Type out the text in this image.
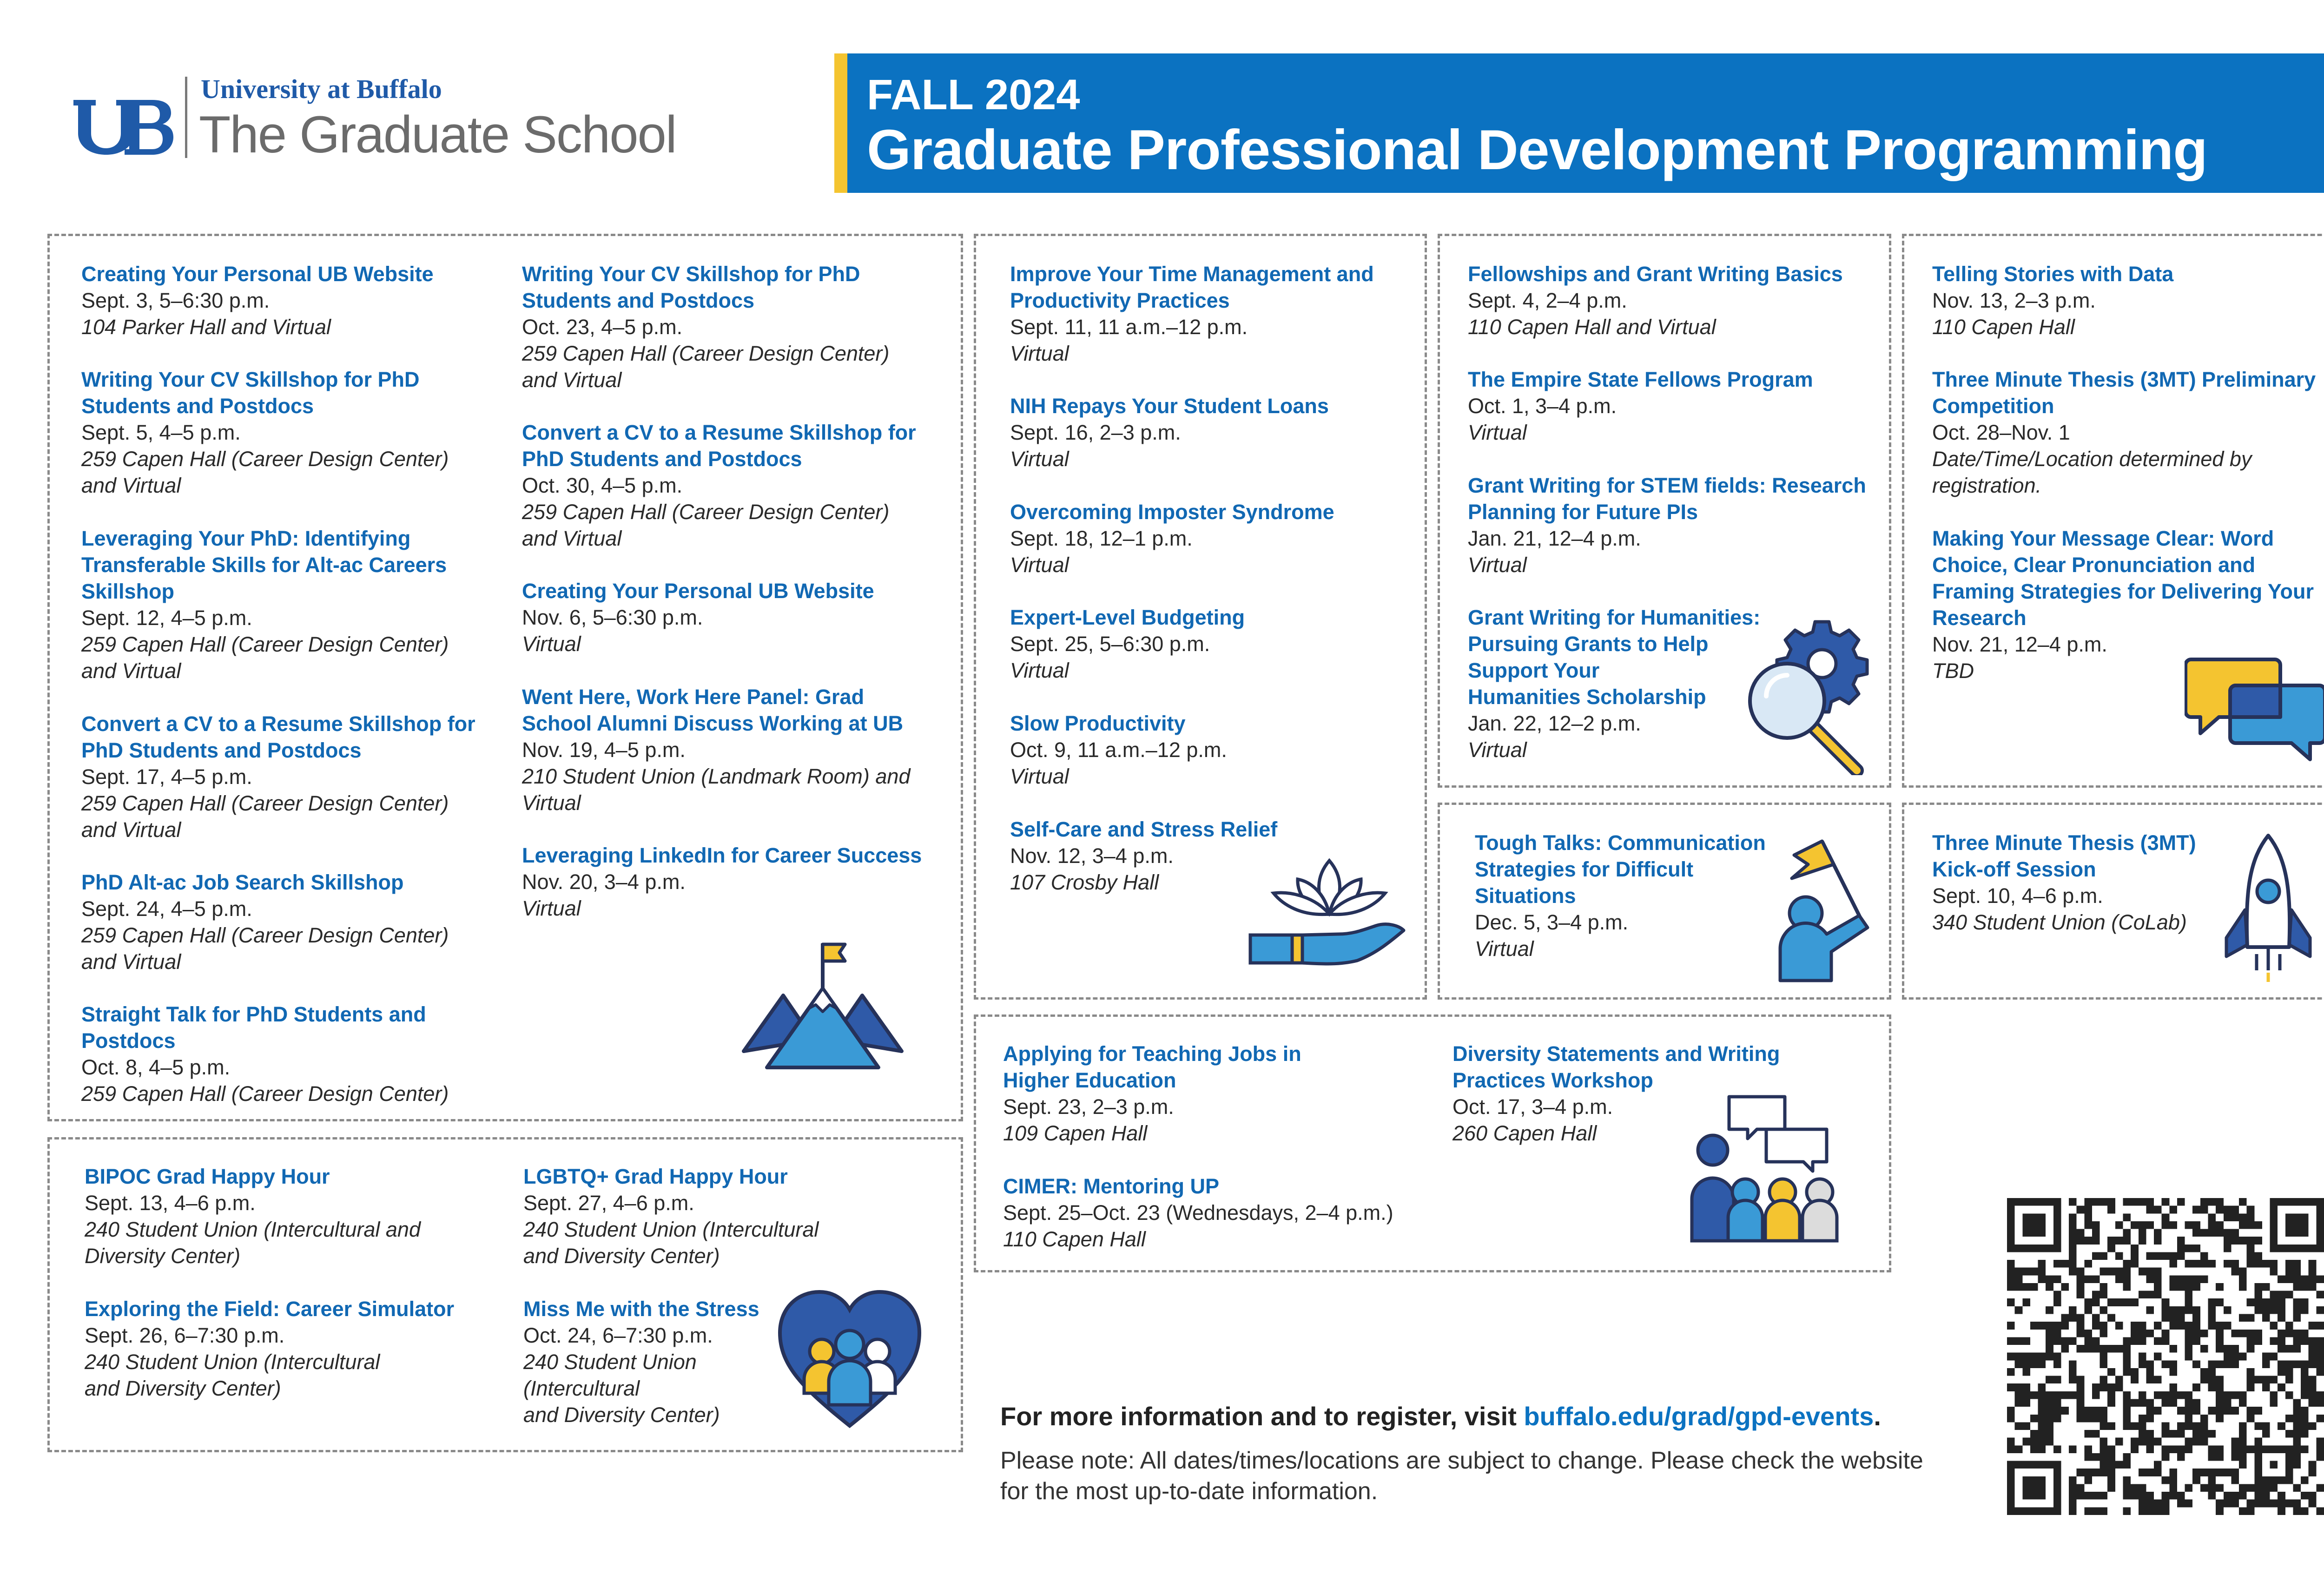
University at Buffalo
The Graduate School
FALL 2024
Graduate Professional Development Programming
Creating Your Personal UB Website
Sept. 3, 5–6:30 p.m.
104 Parker Hall and Virtual
Writing Your CV Skillshop for PhD
Students and Postdocs
Sept. 5, 4–5 p.m.
259 Capen Hall (Career Design Center)
and Virtual
Leveraging Your PhD: Identifying
Transferable Skills for Alt-ac Careers
Skillshop
Sept. 12, 4–5 p.m.
259 Capen Hall (Career Design Center)
and Virtual
Convert a CV to a Resume Skillshop for
PhD Students and Postdocs
Sept. 17, 4–5 p.m.
259 Capen Hall (Career Design Center)
and Virtual
PhD Alt-ac Job Search Skillshop
Sept. 24, 4–5 p.m.
259 Capen Hall (Career Design Center)
and Virtual
Straight Talk for PhD Students and
Postdocs
Oct. 8, 4–5 p.m.
259 Capen Hall (Career Design Center)
Writing Your CV Skillshop for PhD
Students and Postdocs
Oct. 23, 4–5 p.m.
259 Capen Hall (Career Design Center)
and Virtual
Convert a CV to a Resume Skillshop for
PhD Students and Postdocs
Oct. 30, 4–5 p.m.
259 Capen Hall (Career Design Center)
and Virtual
Creating Your Personal UB Website
Nov. 6, 5–6:30 p.m.
Virtual
Went Here, Work Here Panel: Grad
School Alumni Discuss Working at UB
Nov. 19, 4–5 p.m.
210 Student Union (Landmark Room) and
Virtual
Leveraging LinkedIn for Career Success
Nov. 20, 3–4 p.m.
Virtual
BIPOC Grad Happy Hour
Sept. 13, 4–6 p.m.
240 Student Union (Intercultural and
Diversity Center)
Exploring the Field: Career Simulator
Sept. 26, 6–7:30 p.m.
240 Student Union (Intercultural
and Diversity Center)
LGBTQ+ Grad Happy Hour
Sept. 27, 4–6 p.m.
240 Student Union (Intercultural
and Diversity Center)
Miss Me with the Stress
Oct. 24, 6–7:30 p.m.
240 Student Union
(Intercultural
and Diversity Center)
Improve Your Time Management and
Productivity Practices
Sept. 11, 11 a.m.–12 p.m.
Virtual
NIH Repays Your Student Loans
Sept. 16, 2–3 p.m.
Virtual
Overcoming Imposter Syndrome
Sept. 18, 12–1 p.m.
Virtual
Expert-Level Budgeting
Sept. 25, 5–6:30 p.m.
Virtual
Slow Productivity
Oct. 9, 11 a.m.–12 p.m.
Virtual
Self-Care and Stress Relief
Nov. 12, 3–4 p.m.
107 Crosby Hall
Fellowships and Grant Writing Basics
Sept. 4, 2–4 p.m.
110 Capen Hall and Virtual
The Empire State Fellows Program
Oct. 1, 3–4 p.m.
Virtual
Grant Writing for STEM fields: Research
Planning for Future PIs
Jan. 21, 12–4 p.m.
Virtual
Grant Writing for Humanities:
Pursuing Grants to Help
Support Your
Humanities Scholarship
Jan. 22, 12–2 p.m.
Virtual
Telling Stories with Data
Nov. 13, 2–3 p.m.
110 Capen Hall
Three Minute Thesis (3MT) Preliminary
Competition
Oct. 28–Nov. 1
Date/Time/Location determined by
registration.
Making Your Message Clear: Word
Choice, Clear Pronunciation and
Framing Strategies for Delivering Your
Research
Nov. 21, 12–4 p.m.
TBD
Tough Talks: Communication
Strategies for Difficult
Situations
Dec. 5, 3–4 p.m.
Virtual
Three Minute Thesis (3MT)
Kick-off Session
Sept. 10, 4–6 p.m.
340 Student Union (CoLab)
Applying for Teaching Jobs in
Higher Education
Sept. 23, 2–3 p.m.
109 Capen Hall
CIMER: Mentoring UP
Sept. 25–Oct. 23 (Wednesdays, 2–4 p.m.)
110 Capen Hall
Diversity Statements and Writing
Practices Workshop
Oct. 17, 3–4 p.m.
260 Capen Hall
For more information and to register, visit buffalo.edu/grad/gpd-events.
Please note: All dates/times/locations are subject to change. Please check the website for the most up-to-date information.
